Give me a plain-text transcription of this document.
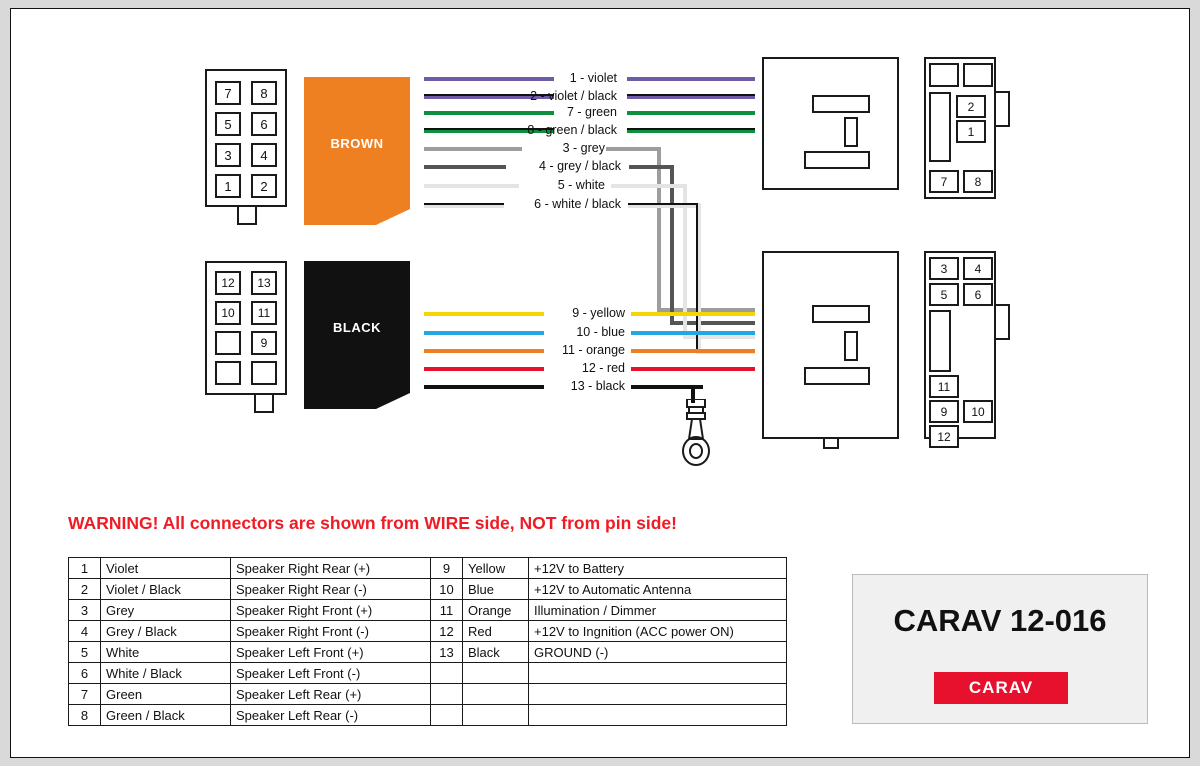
7	8
5	6
3	4
1	2
BROWN
12	13
10	11
9
BLACK
1 - violet
2 - violet / black
7 - green
8 - green / black
3 - grey
4 - grey / black
5 - white
6 - white / black
9 - yellow
10 - blue
11 - orange
12 - red
13 - black
2
1
7	8
3	4
5	6
11
9	10
12
WARNING! All connectors are shown from WIRE side, NOT from pin side!
1	Violet	Speaker Right Rear (+)	9	Yellow	+12V to Battery
2	Violet / Black	Speaker Right Rear (-)	10	Blue	+12V to Automatic Antenna
3	Grey	Speaker Right Front (+)	11	Orange	Illumination / Dimmer
4	Grey / Black	Speaker Right Front (-)	12	Red	+12V to Ingnition (ACC power ON)
5	White	Speaker Left Front (+)	13	Black	GROUND (-)
6	White / Black	Speaker Left Front (-)			
7	Green	Speaker Left Rear (+)			
8	Green / Black	Speaker Left Rear (-)			
CARAV 12-016
CARAV
